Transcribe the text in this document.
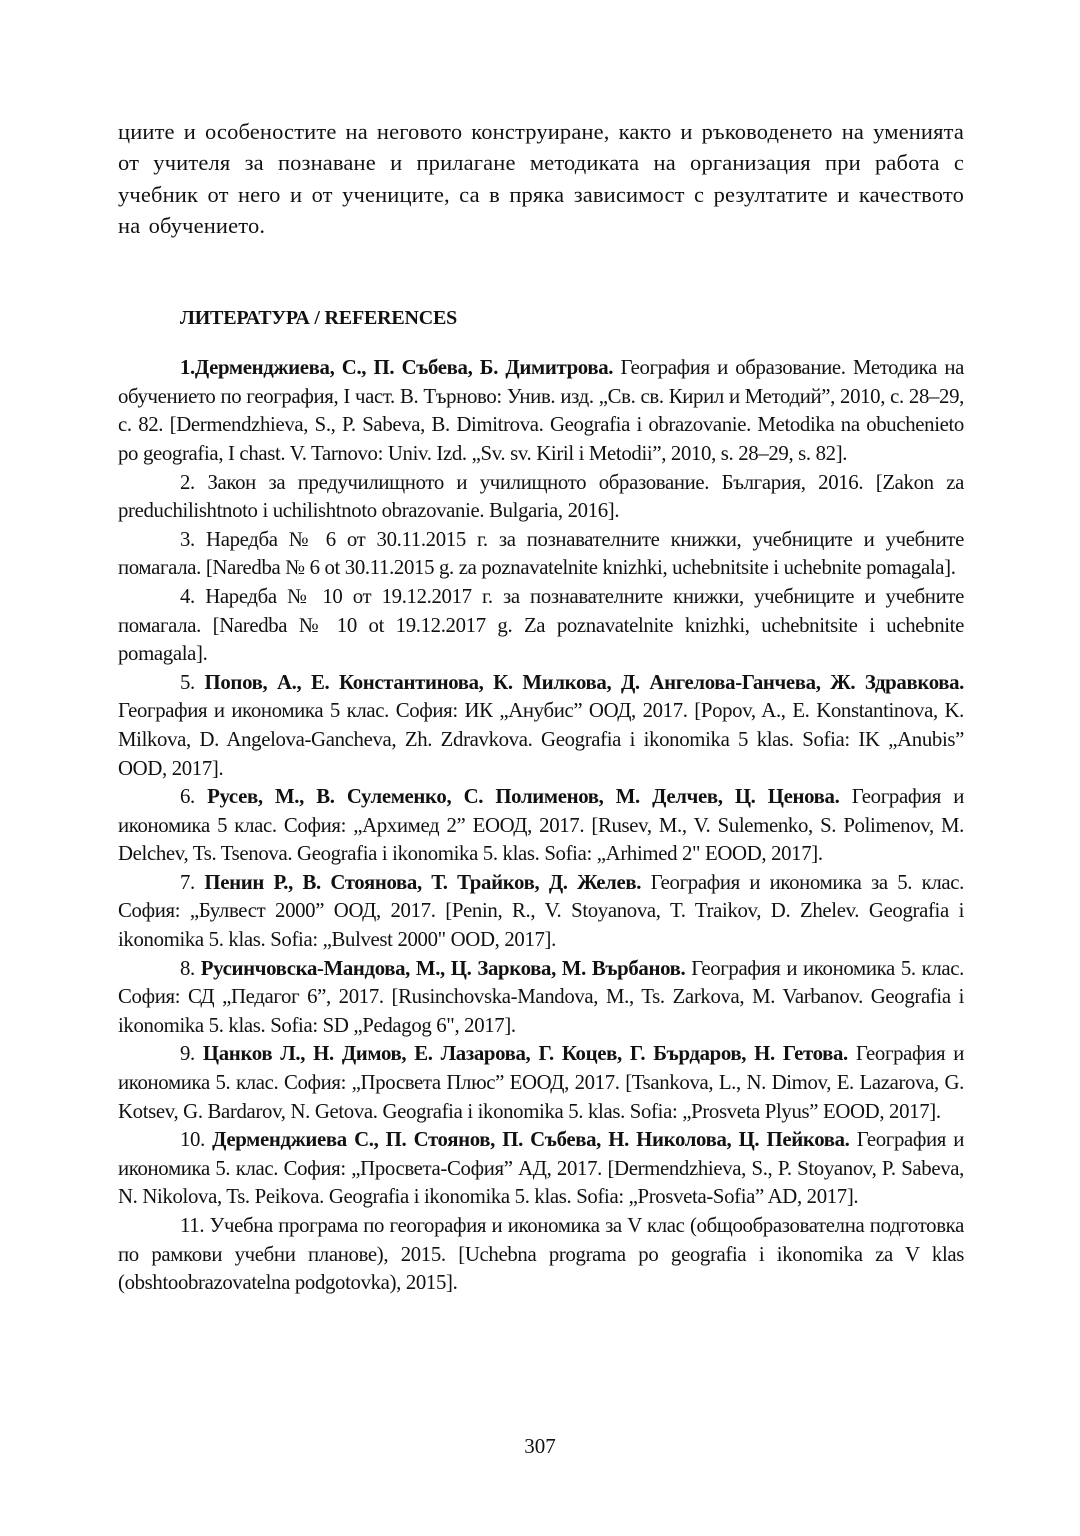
циите и особеностите на неговото конструиране, както и ръководенето на уменията от учителя за познаване и прилагане методиката на организация при работа с учебник от него и от учениците, са в пряка зависимост с резултатите и качеството на обучението.

ЛИТЕРАТУРА / REFERENCES

1.Дерменджиева, С., П. Събева, Б. Димитрова. География и образование. Методика на обучението по география, I част. В. Търново: Унив. изд. „Св. св. Кирил и Методий”, 2010, с. 28–29, с. 82. [Dermendzhieva, S., P. Sabeva, B. Dimitrova. Geografia i obrazovanie. Metodika na obuchenieto po geografia, I chast. V. Tarnovo: Univ. Izd. „Sv. sv. Kiril i Metodii”, 2010, s. 28–29, s. 82].

2. Закон за предучилищното и училищното образование. България, 2016. [Zakon za preduchilishtnoto i uchilishtnoto obrazovanie. Bulgaria, 2016].

3. Наредба № 6 от 30.11.2015 г. за познавателните книжки, учебниците и учебните помагала. [Naredba № 6 ot 30.11.2015 g. za poznavatelnite knizhki, uchebnitsite i uchebnite pomagala].

4. Наредба № 10 от 19.12.2017 г. за познавателните книжки, учебниците и учебните помагала. [Naredba № 10 ot 19.12.2017 g. Za poznavatelnite knizhki, uchebnitsite i uchebnite pomagala].

5. Попов, А., Е. Константинова, К. Милкова, Д. Ангелова-Ганчева, Ж. Здравкова. География и икономика 5 клас. София: ИК „Анубис” ООД, 2017. [Popov, A., E. Konstantinova, K. Milkova, D. Angelova-Gancheva, Zh. Zdravkova. Geografia i ikonomika 5 klas. Sofia: IK „Anubis” OOD, 2017].

6. Русев, М., В. Сулеменко, С. Полименов, М. Делчев, Ц. Ценова. География и икономика 5 клас. София: „Архимед 2” ЕООД, 2017. [Rusev, M., V. Sulemenko, S. Polimenov, M. Delchev, Ts. Tsenova. Geografia i ikonomika 5. klas. Sofia: „Arhimed 2" EOOD, 2017].

7. Пенин Р., В. Стоянова, Т. Трайков, Д. Желев. География и икономика за 5. клас. София: „Булвест 2000” ООД, 2017. [Penin, R., V. Stoyanova, T. Traikov, D. Zhelev. Geografia i ikonomika 5. klas. Sofia: „Bulvest 2000" OOD, 2017].

8. Русинчовска-Мандова, М., Ц. Заркова, М. Върбанов. География и икономика 5. клас. София: СД „Педагог 6”, 2017. [Rusinchovska-Mandova, M., Ts. Zarkova, M. Varbanov. Geografia i ikonomika 5. klas. Sofia: SD „Pedagog 6", 2017].

9. Цанков Л., Н. Димов, Е. Лазарова, Г. Коцев, Г. Бърдаров, Н. Гетова. География и икономика 5. клас. София: „Просвета Плюс” ЕООД, 2017. [Tsankova, L., N. Dimov, E. Lazarova, G. Kotsev, G. Bardarov, N. Getova. Geografia i ikonomika 5. klas. Sofia: „Prosveta Plyus” EOOD, 2017].

10. Дерменджиева С., П. Стоянов, П. Събева, Н. Николова, Ц. Пейкова. География и икономика 5. клас. София: „Просвета-София” АД, 2017. [Dermendzhieva, S., P. Stoyanov, P. Sabeva, N. Nikolova, Ts. Peikova. Geografia i ikonomika 5. klas. Sofia: „Prosveta-Sofia” AD, 2017].

11. Учебна програма по геогорафия и икономика за V клас (общообразователна подготовка по рамкови учебни планове), 2015. [Uchebna programa po geografia i ikonomika za V klas (obshtoobrazovatelna podgotovka), 2015].

307
